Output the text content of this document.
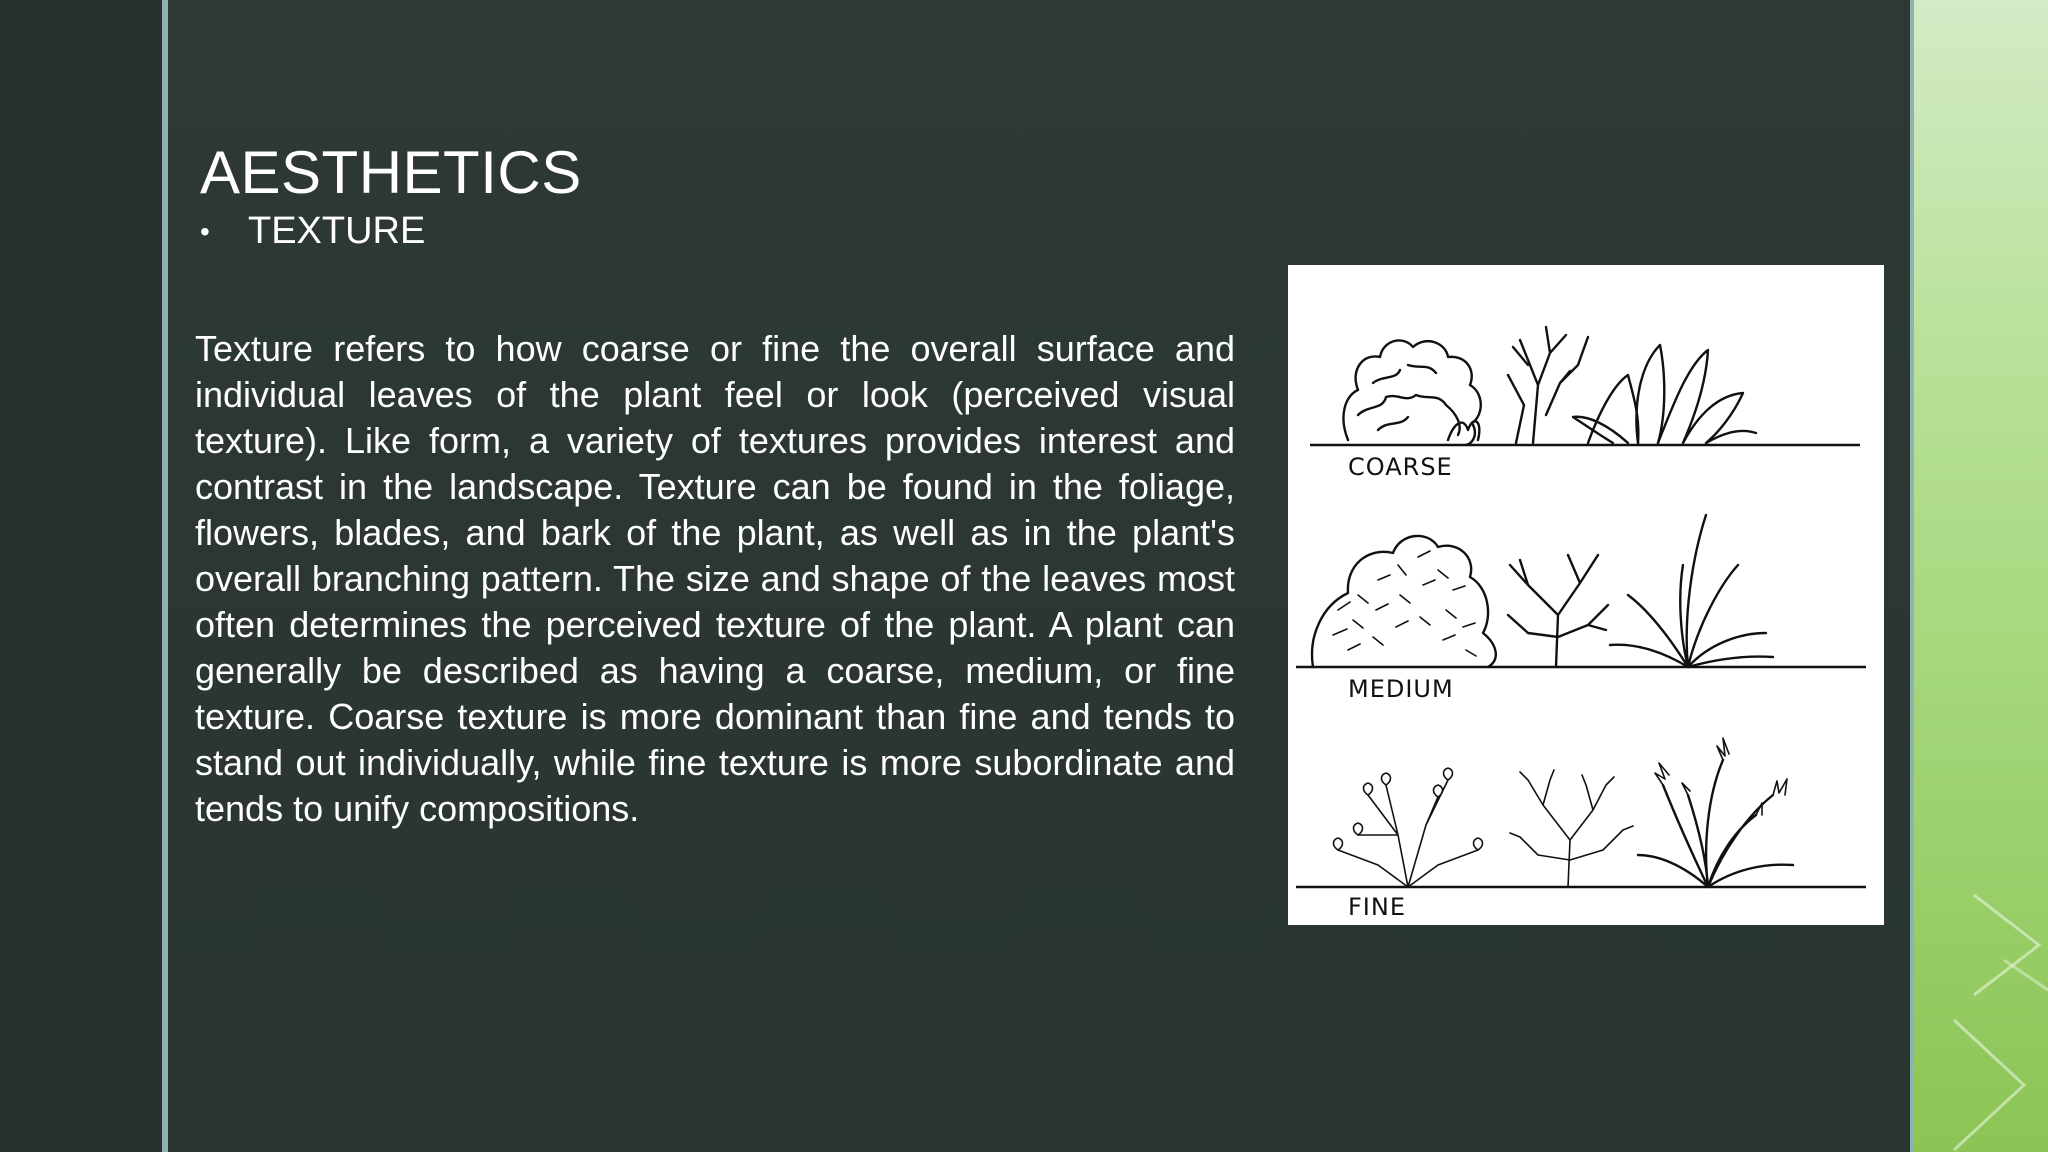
AESTHETICS
•	TEXTURE

Texture refers to how coarse or fine the overall surface and individual leaves of the plant feel or look (perceived visual texture). Like form, a variety of textures provides interest and contrast in the landscape. Texture can be found in the foliage, flowers, blades, and bark of the plant, as well as in the plant's overall branching pattern. The size and shape of the leaves most often determines the perceived texture of the plant. A plant can generally be described as having a coarse, medium, or fine texture. Coarse texture is more dominant than fine and tends to stand out individually, while fine texture is more subordinate and tends to unify compositions.

COARSE
MEDIUM
FINE
